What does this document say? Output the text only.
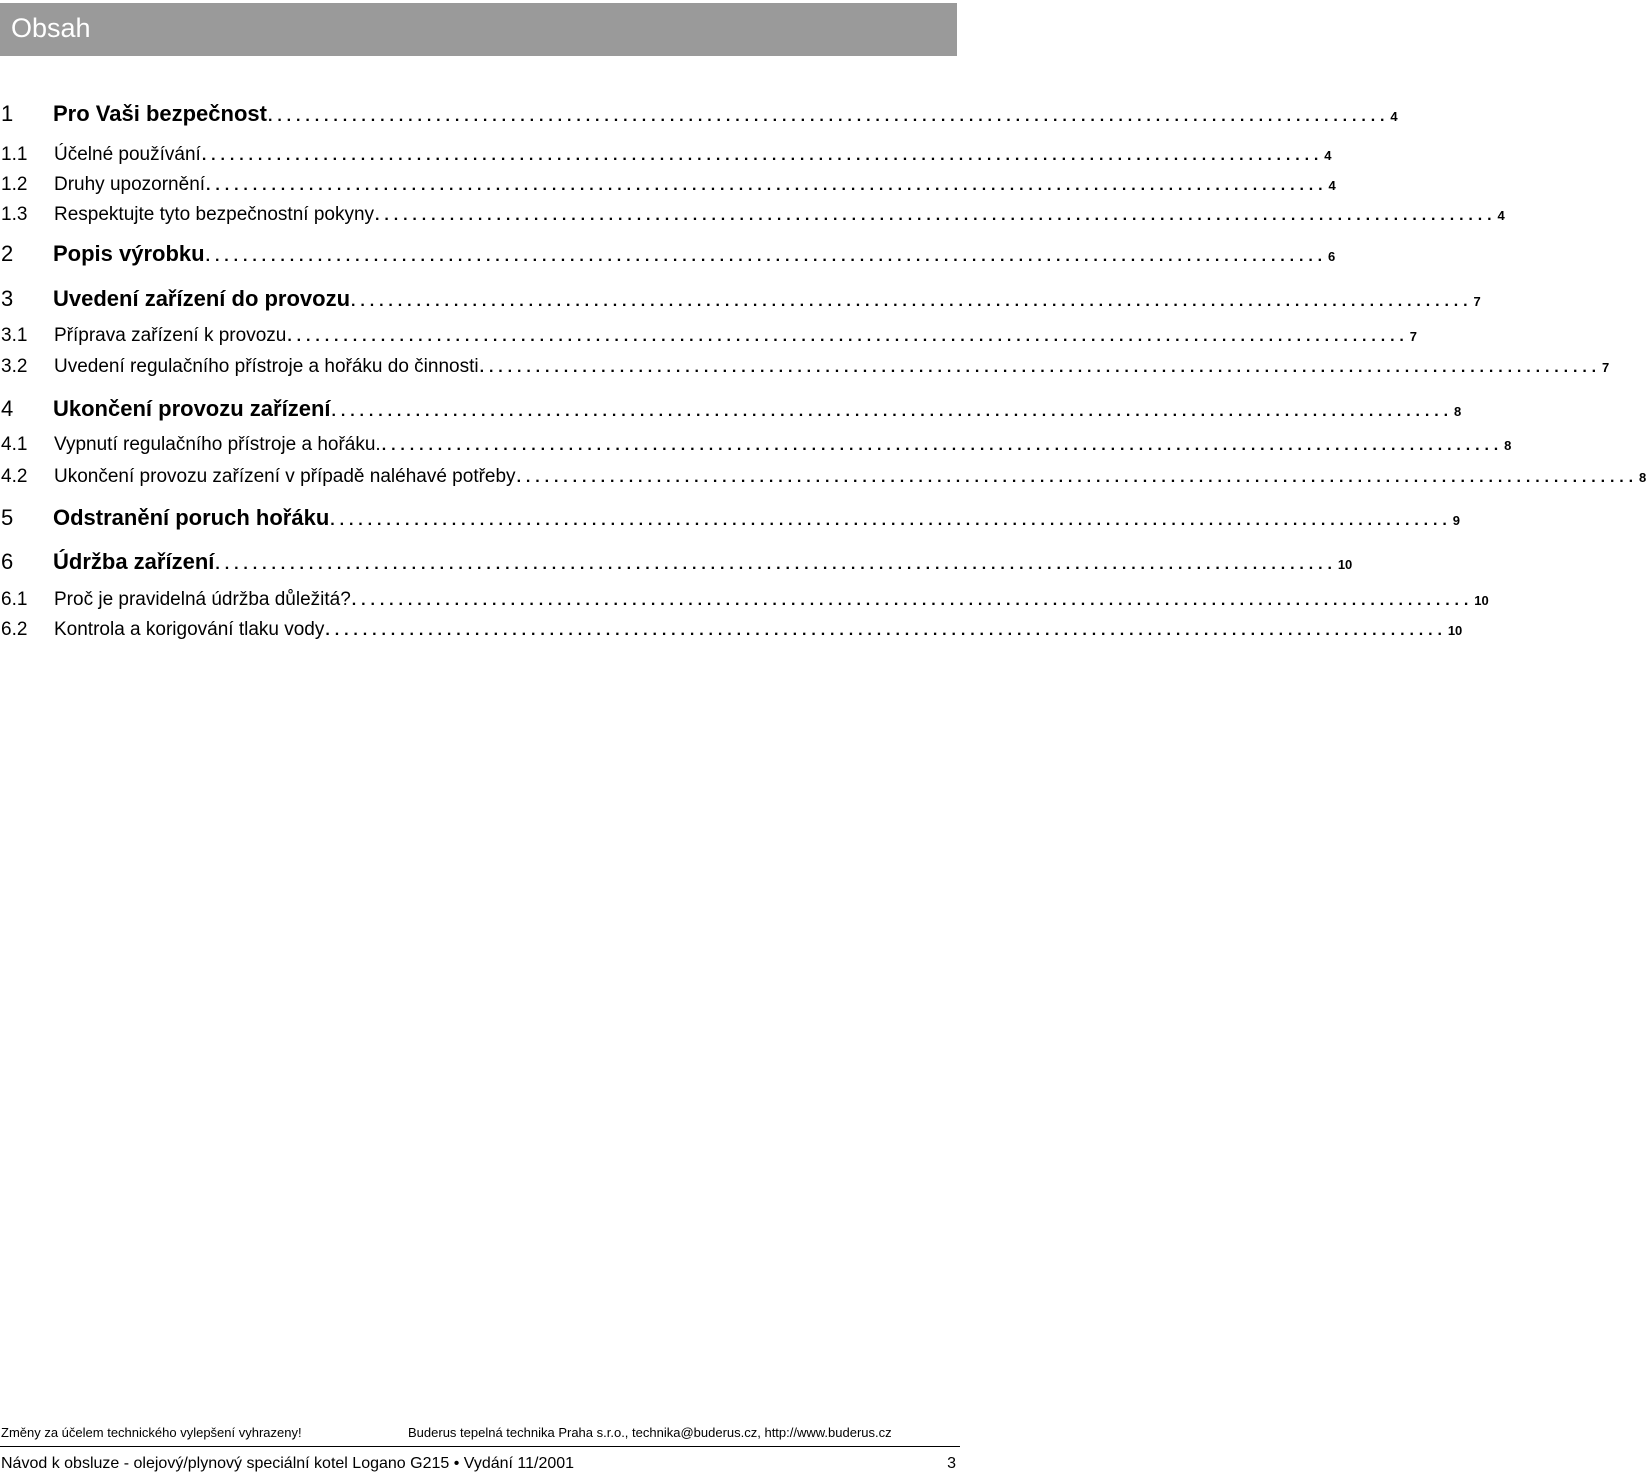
Obsah
1	Pro Vaši bezpečnost ........................................................................................................................ 4
1.1	Účelné používání ........................................................................................................................ 4
1.2	Druhy upozornění ........................................................................................................................ 4
1.3	Respektujte tyto bezpečnostní pokyny ........................................................................................................................ 4
2	Popis výrobku ........................................................................................................................ 6
3	Uvedení zařízení do provozu ........................................................................................................................ 7
3.1	Příprava zařízení k provozu ........................................................................................................................ 7
3.2	Uvedení regulačního přístroje a hořáku do činnosti ........................................................................................................................ 7
4	Ukončení provozu zařízení ........................................................................................................................ 8
4.1	Vypnutí regulačního přístroje a hořáku. ........................................................................................................................ 8
4.2	Ukončení provozu zařízení v případě naléhavé potřeby ........................................................................................................................ 8
5	Odstranění poruch hořáku ........................................................................................................................ 9
6	Údržba zařízení ........................................................................................................................ 10
6.1	Proč je pravidelná údržba důležitá? ........................................................................................................................ 10
6.2	Kontrola a korigování tlaku vody ........................................................................................................................ 10
Změny za účelem technického vylepšení vyhrazeny!	Buderus tepelná technika Praha s.r.o., technika@buderus.cz, http://www.buderus.cz
Návod k obsluze - olejový/plynový speciální kotel Logano G215 • Vydání 11/2001	3
